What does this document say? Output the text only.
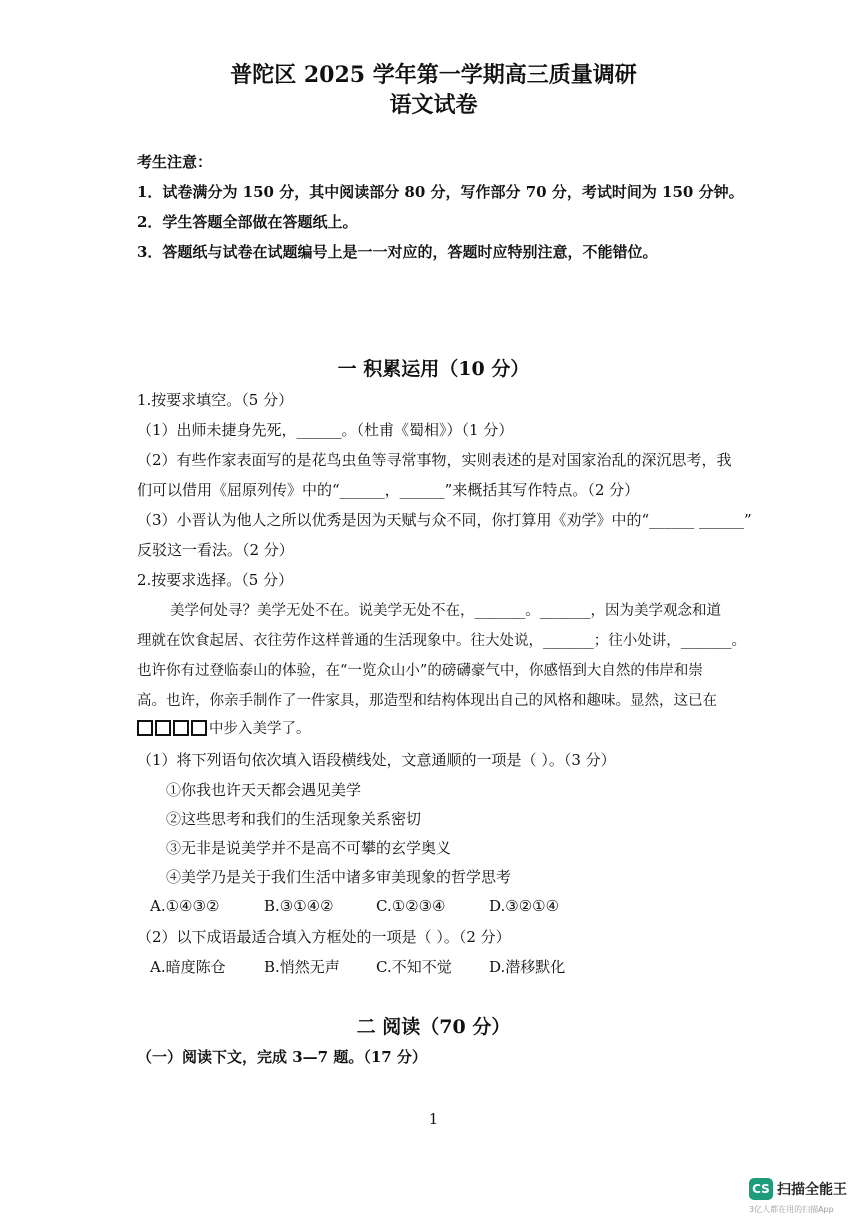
普陀区 2025 学年第一学期高三质量调研
语文试卷
考生注意：
1．试卷满分为 150 分，其中阅读部分 80 分，写作部分 70 分，考试时间为 150 分钟。
2．学生答题全部做在答题纸上。
3．答题纸与试卷在试题编号上是一一对应的，答题时应特别注意，不能错位。
一 积累运用（10 分）
1.按要求填空。（5 分）
（1）出师未捷身先死，______。（杜甫《蜀相》）（1 分）
（2）有些作家表面写的是花鸟虫鱼等寻常事物，实则表述的是对国家治乱的深沉思考，我
们可以借用《屈原列传》中的“______，______”来概括其写作特点。（2 分）
（3）小晋认为他人之所以优秀是因为天赋与众不同，你打算用《劝学》中的“______ ______”
反驳这一看法。（2 分）
2.按要求选择。（5 分）
美学何处寻？美学无处不在。说美学无处不在，_______。_______，因为美学观念和道
理就在饮食起居、衣往劳作这样普通的生活现象中。往大处说，_______；往小处讲，_______。
也许你有过登临泰山的体验，在“一览众山小”的磅礴豪气中，你感悟到大自然的伟岸和崇
高。也许，你亲手制作了一件家具，那造型和结构体现出自己的风格和趣味。显然，这已在
中步入美学了。
（1）将下列语句依次填入语段横线处，文意通顺的一项是（ ）。（3 分）
①你我也许天天都会遇见美学
②这些思考和我们的生活现象关系密切
③无非是说美学并不是高不可攀的玄学奥义
④美学乃是关于我们生活中诸多审美现象的哲学思考
A.①④③②	B.③①④②	C.①②③④	D.③②①④
（2）以下成语最适合填入方框处的一项是（ ）。（2 分）
A.暗度陈仓	B.悄然无声 C.不知不觉 D.潜移默化
二 阅读（70 分）
（一）阅读下文，完成 3—7 题。（17 分）
1
CS 扫描全能王
3亿人都在用的扫描App
